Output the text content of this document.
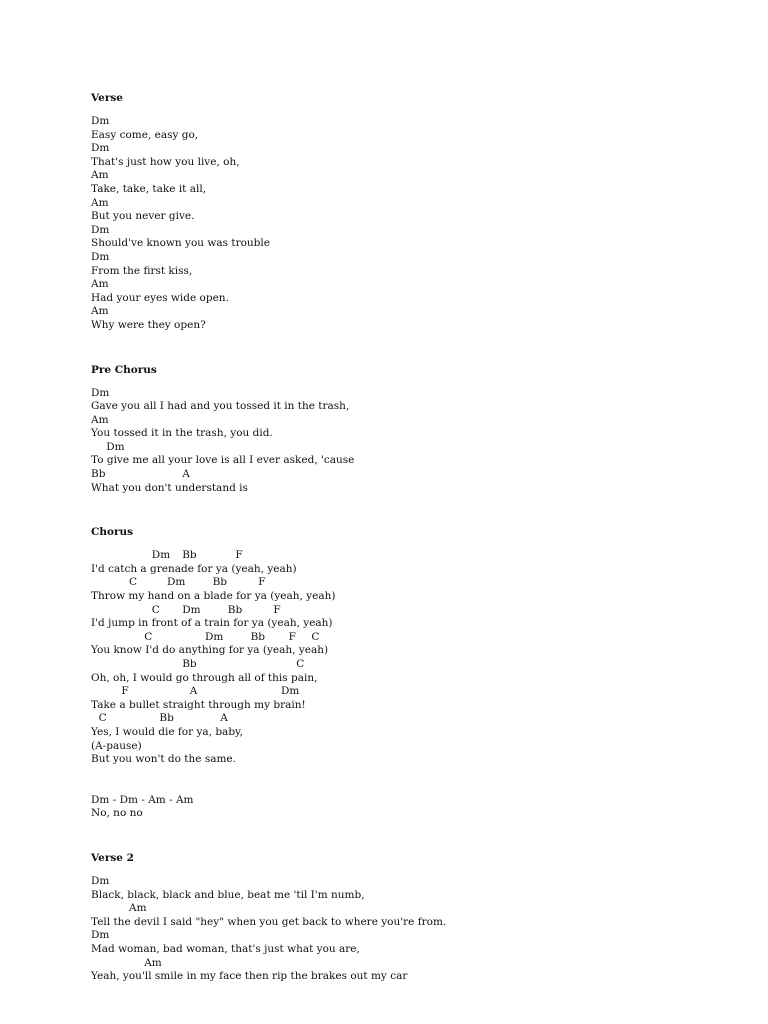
Verse
Dm
Easy come, easy go,
Dm
That's just how you live, oh,
Am
Take, take, take it all,
Am
But you never give.
Dm
Should've known you was trouble
Dm
From the first kiss,
Am
Had your eyes wide open.
Am
Why were they open?
Pre Chorus
Dm
Gave you all I had and you tossed it in the trash,
Am
You tossed it in the trash, you did.
Dm
To give me all your love is all I ever asked, 'cause
Bb	A
What you don't understand is
Chorus
Dm Bb	F
I'd catch a grenade for ya (yeah, yeah)
C	Dm	Bb	F
Throw my hand on a blade for ya (yeah, yeah)
C Dm	Bb	F
I'd jump in front of a train for ya (yeah, yeah)
C	Dm	Bb F C
You know I'd do anything for ya (yeah, yeah)
Bb	C
Oh, oh, I would go through all of this pain,
F	A	Dm
Take a bullet straight through my brain!
C	Bb	A
Yes, I would die for ya, baby,
(A-pause)
But you won't do the same.
Dm - Dm - Am - Am
No, no no
Verse 2
Dm
Black, black, black and blue, beat me 'til I'm numb,
Am
Tell the devil I said "hey" when you get back to where you're from.
Dm
Mad woman, bad woman, that's just what you are,
Am
Yeah, you'll smile in my face then rip the brakes out my car
